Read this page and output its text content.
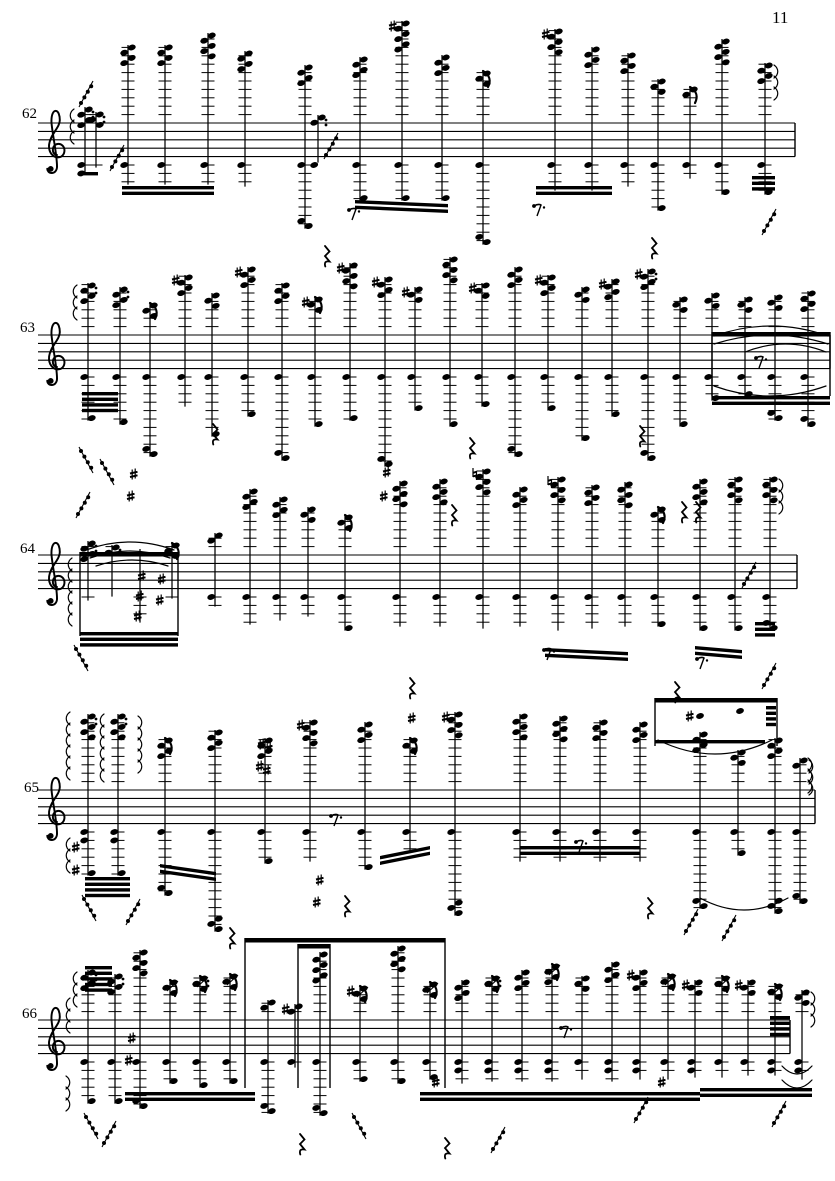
11
62
63
64
65
66
